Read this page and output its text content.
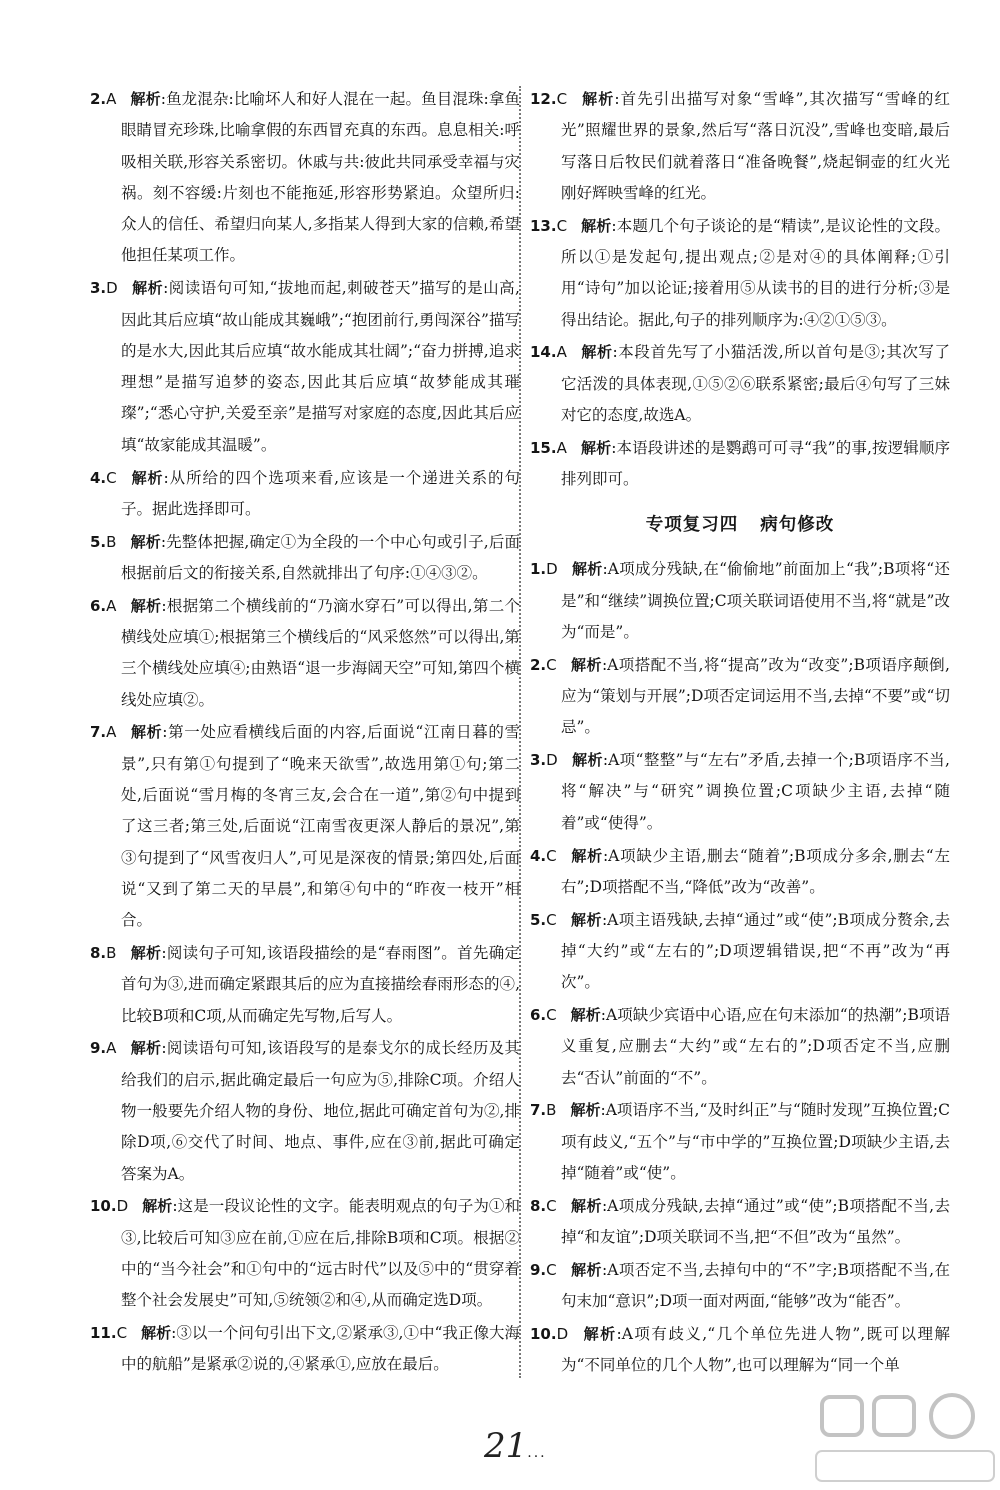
2.A 解析:鱼龙混杂:比喻坏人和好人混在一起。鱼目混珠:拿鱼眼睛冒充珍珠,比喻拿假的东西冒充真的东西。息息相关:呼吸相关联,形容关系密切。休戚与共:彼此共同承受幸福与灾祸。刻不容缓:片刻也不能拖延,形容形势紧迫。众望所归:众人的信任、希望归向某人,多指某人得到大家的信赖,希望他担任某项工作。
3.D 解析:阅读语句可知,“拔地而起,刺破苍天”描写的是山高,因此其后应填“故山能成其巍峨”;“抱团前行,勇闯深谷”描写的是水大,因此其后应填“故水能成其壮阔”;“奋力拼搏,追求理想”是描写追梦的姿态,因此其后应填“故梦能成其璀璨”;“悉心守护,关爱至亲”是描写对家庭的态度,因此其后应填“故家能成其温暖”。
4.C 解析:从所给的四个选项来看,应该是一个递进关系的句子。据此选择即可。
5.B 解析:先整体把握,确定①为全段的一个中心句或引子,后面根据前后文的衔接关系,自然就排出了句序:①④③②。
6.A 解析:根据第二个横线前的“乃滴水穿石”可以得出,第二个横线处应填①;根据第三个横线后的“风采悠然”可以得出,第三个横线处应填④;由熟语“退一步海阔天空”可知,第四个横线处应填②。
7.A 解析:第一处应看横线后面的内容,后面说“江南日暮的雪景”,只有第①句提到了“晚来天欲雪”,故选用第①句;第二处,后面说“雪月梅的冬宵三友,会合在一道”,第②句中提到了这三者;第三处,后面说“江南雪夜更深人静后的景况”,第③句提到了“风雪夜归人”,可见是深夜的情景;第四处,后面说“又到了第二天的早晨”,和第④句中的“昨夜一枝开”相合。
8.B 解析:阅读句子可知,该语段描绘的是“春雨图”。首先确定首句为③,进而确定紧跟其后的应为直接描绘春雨形态的④,比较B项和C项,从而确定先写物,后写人。
9.A 解析:阅读语句可知,该语段写的是泰戈尔的成长经历及其给我们的启示,据此确定最后一句应为⑤,排除C项。介绍人物一般要先介绍人物的身份、地位,据此可确定首句为②,排除D项,⑥交代了时间、地点、事件,应在③前,据此可确定答案为A。
10.D 解析:这是一段议论性的文字。能表明观点的句子为①和③,比较后可知③应在前,①应在后,排除B项和C项。根据②中的“当今社会”和①句中的“远古时代”以及⑤中的“贯穿着整个社会发展史”可知,⑤统领②和④,从而确定选D项。
11.C 解析:③以一个问句引出下文,②紧承③,①中“我正像大海中的航船”是紧承②说的,④紧承①,应放在最后。
12.C 解析:首先引出描写对象“雪峰”,其次描写“雪峰的红光”照耀世界的景象,然后写“落日沉没”,雪峰也变暗,最后写落日后牧民们就着落日“准备晚餐”,烧起铜壶的红火光刚好辉映雪峰的红光。
13.C 解析:本题几个句子谈论的是“精读”,是议论性的文段。所以①是发起句,提出观点;②是对④的具体阐释;①引用“诗句”加以论证;接着用⑤从读书的目的进行分析;③是得出结论。据此,句子的排列顺序为:④②①⑤③。
14.A 解析:本段首先写了小猫活泼,所以首句是③;其次写了它活泼的具体表现,①⑤②⑥联系紧密;最后④句写了三妹对它的态度,故选A。
15.A 解析:本语段讲述的是鹦鹉可可寻“我”的事,按逻辑顺序排列即可。
专项复习四 病句修改
1.D 解析:A项成分残缺,在“偷偷地”前面加上“我”;B项将“还是”和“继续”调换位置;C项关联词语使用不当,将“就是”改为“而是”。
2.C 解析:A项搭配不当,将“提高”改为“改变”;B项语序颠倒,应为“策划与开展”;D项否定词运用不当,去掉“不要”或“切忌”。
3.D 解析:A项“整整”与“左右”矛盾,去掉一个;B项语序不当,将“解决”与“研究”调换位置;C项缺少主语,去掉“随着”或“使得”。
4.C 解析:A项缺少主语,删去“随着”;B项成分多余,删去“左右”;D项搭配不当,“降低”改为“改善”。
5.C 解析:A项主语残缺,去掉“通过”或“使”;B项成分赘余,去掉“大约”或“左右的”;D项逻辑错误,把“不再”改为“再次”。
6.C 解析:A项缺少宾语中心语,应在句末添加“的热潮”;B项语义重复,应删去“大约”或“左右的”;D项否定不当,应删去“否认”前面的“不”。
7.B 解析:A项语序不当,“及时纠正”与“随时发现”互换位置;C项有歧义,“五个”与“市中学的”互换位置;D项缺少主语,去掉“随着”或“使”。
8.C 解析:A项成分残缺,去掉“通过”或“使”;B项搭配不当,去掉“和友谊”;D项关联词不当,把“不但”改为“虽然”。
9.C 解析:A项否定不当,去掉句中的“不”字;B项搭配不当,在句末加“意识”;D项一面对两面,“能够”改为“能否”。
10.D 解析:A项有歧义,“几个单位先进人物”,既可以理解为“不同单位的几个人物”,也可以理解为“同一个单
21...
